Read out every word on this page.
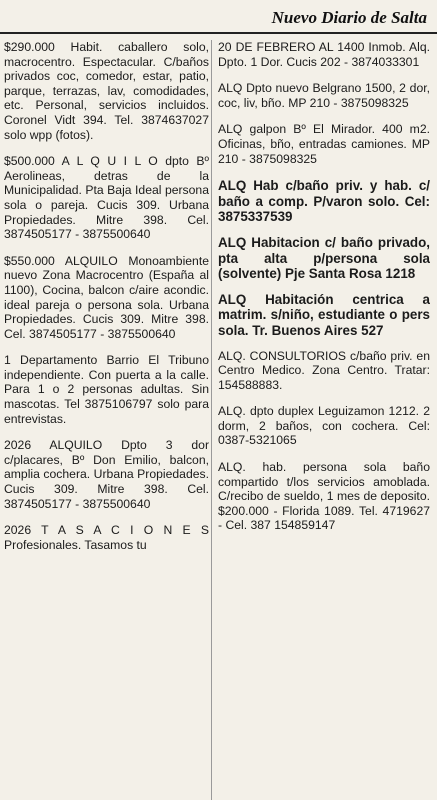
Nuevo Diario de Salta

$290.000 Habit. caballero solo, macrocentro. Espectacular. C/baños privados coc, comedor, estar, patio, parque, terrazas, lav, comodidades, etc. Personal, servicios incluidos. Coronel Vidt 394. Tel. 3874637027 solo wpp (fotos).

$500.000 A L Q U I L O dpto Bº Aerolineas, detras de la Municipalidad. Pta Baja Ideal persona sola o pareja. Cucis 309. Urbana Propiedades. Mitre 398. Cel. 3874505177 - 3875500640

$550.000 ALQUILO Monoambiente nuevo Zona Macrocentro (España al 1100), Cocina, balcon c/aire acondic. ideal pareja o persona sola. Urbana Propiedades. Cucis 309. Mitre 398. Cel. 3874505177 - 3875500640

1 Departamento Barrio El Tribuno independiente. Con puerta a la calle. Para 1 o 2 personas adultas. Sin mascotas. Tel 3875106797 solo para entrevistas.

2026 ALQUILO Dpto 3 dor c/placares, Bº Don Emilio, balcon, amplia cochera. Urbana Propiedades. Cucis 309. Mitre 398. Cel. 3874505177 - 3875500640

2026 T A S A C I O N E S Profesionales. Tasamos tu

20 DE FEBRERO AL 1400 Inmob. Alq. Dpto. 1 Dor. Cucis 202 - 3874033301

ALQ Dpto nuevo Belgrano 1500, 2 dor, coc, liv, bño. MP 210 - 3875098325

ALQ galpon Bº El Mirador. 400 m2. Oficinas, bño, entradas camiones. MP 210 - 3875098325

ALQ Hab c/baño priv. y hab. c/ baño a comp. P/varon solo. Cel: 3875337539

ALQ Habitacion c/ baño privado, pta alta p/persona sola (solvente) Pje Santa Rosa 1218

ALQ Habitación centrica a matrim. s/niño, estudiante o pers sola. Tr. Buenos Aires 527

ALQ. CONSULTORIOS c/baño priv. en Centro Medico. Zona Centro. Tratar: 154588883.

ALQ. dpto duplex Leguizamon 1212. 2 dorm, 2 baños, con cochera. Cel: 0387-5321065

ALQ. hab. persona sola baño compartido t/los servicios amoblada. C/recibo de sueldo, 1 mes de deposito. $200.000 - Florida 1089. Tel. 4719627 - Cel. 387 154859147
